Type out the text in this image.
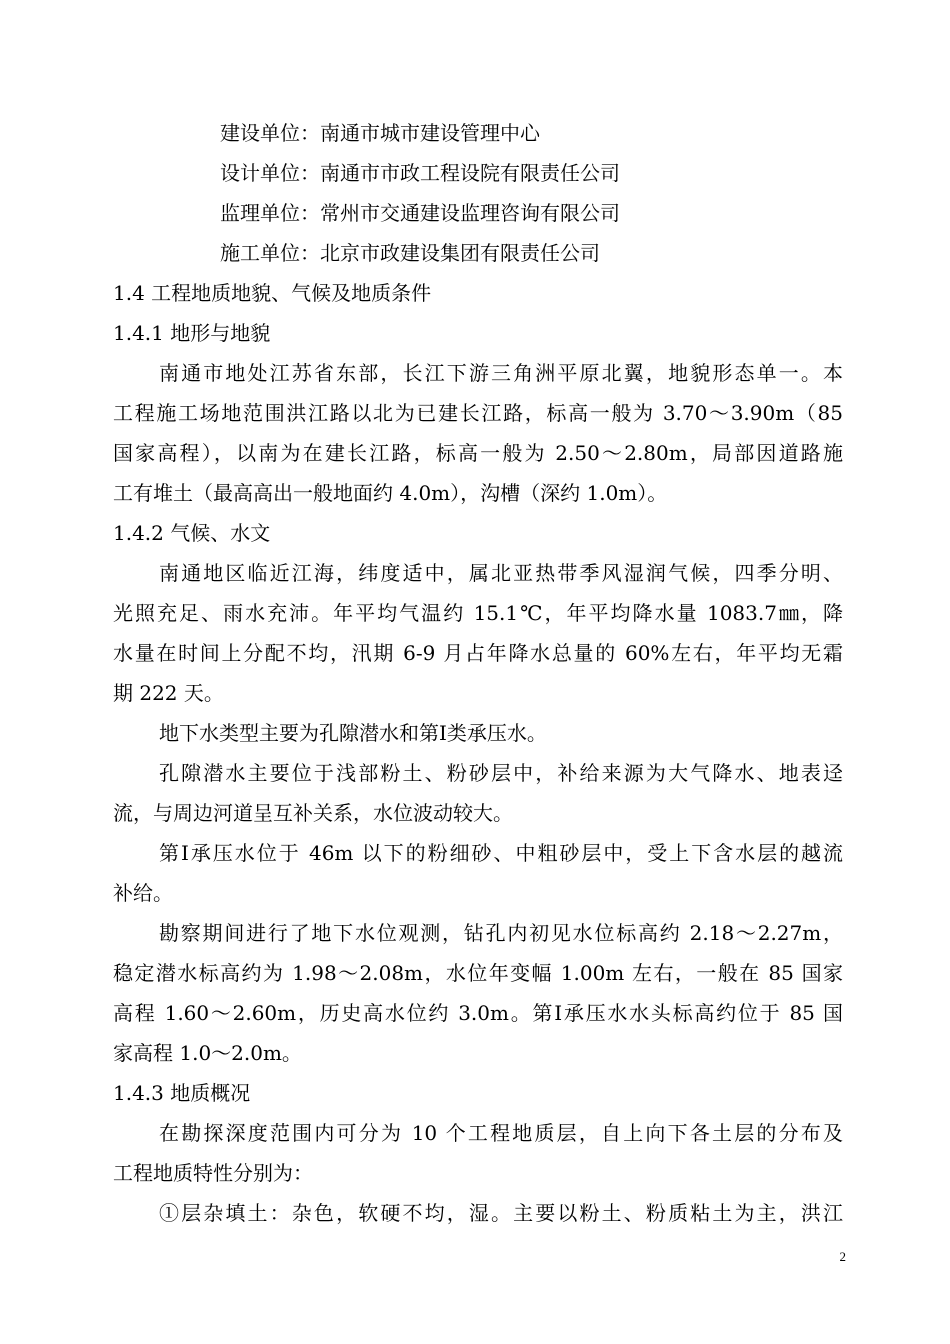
建设单位：南通市城市建设管理中心
设计单位：南通市市政工程设院有限责任公司
监理单位：常州市交通建设监理咨询有限公司
施工单位：北京市政建设集团有限责任公司
1.4 工程地质地貌、气候及地质条件
1.4.1 地形与地貌
南通市地处江苏省东部，长江下游三角洲平原北翼，地貌形态单一。本
工程施工场地范围洪江路以北为已建长江路，标高一般为 3.70～3.90m（85
国家高程），以南为在建长江路，标高一般为 2.50～2.80m，局部因道路施
工有堆土（最高高出一般地面约 4.0m），沟槽（深约 1.0m）。
1.4.2 气候、水文
南通地区临近江海，纬度适中，属北亚热带季风湿润气候，四季分明、
光照充足、雨水充沛。年平均气温约 15.1℃，年平均降水量 1083.7㎜，降
水量在时间上分配不均，汛期 6-9 月占年降水总量的 60%左右，年平均无霜
期 222 天。
地下水类型主要为孔隙潜水和第Ⅰ类承压水。
孔隙潜水主要位于浅部粉土、粉砂层中，补给来源为大气降水、地表迳
流，与周边河道呈互补关系，水位波动较大。
第Ⅰ承压水位于 46m 以下的粉细砂、中粗砂层中，受上下含水层的越流
补给。
勘察期间进行了地下水位观测，钻孔内初见水位标高约 2.18～2.27m，
稳定潜水标高约为 1.98～2.08m，水位年变幅 1.00m 左右，一般在 85 国家
高程 1.60～2.60m，历史高水位约 3.0m。第Ⅰ承压水水头标高约位于 85 国
家高程 1.0～2.0m。
1.4.3 地质概况
在勘探深度范围内可分为 10 个工程地质层，自上向下各土层的分布及
工程地质特性分别为：
①层杂填土：杂色，软硬不均，湿。主要以粉土、粉质粘土为主，洪江
2
